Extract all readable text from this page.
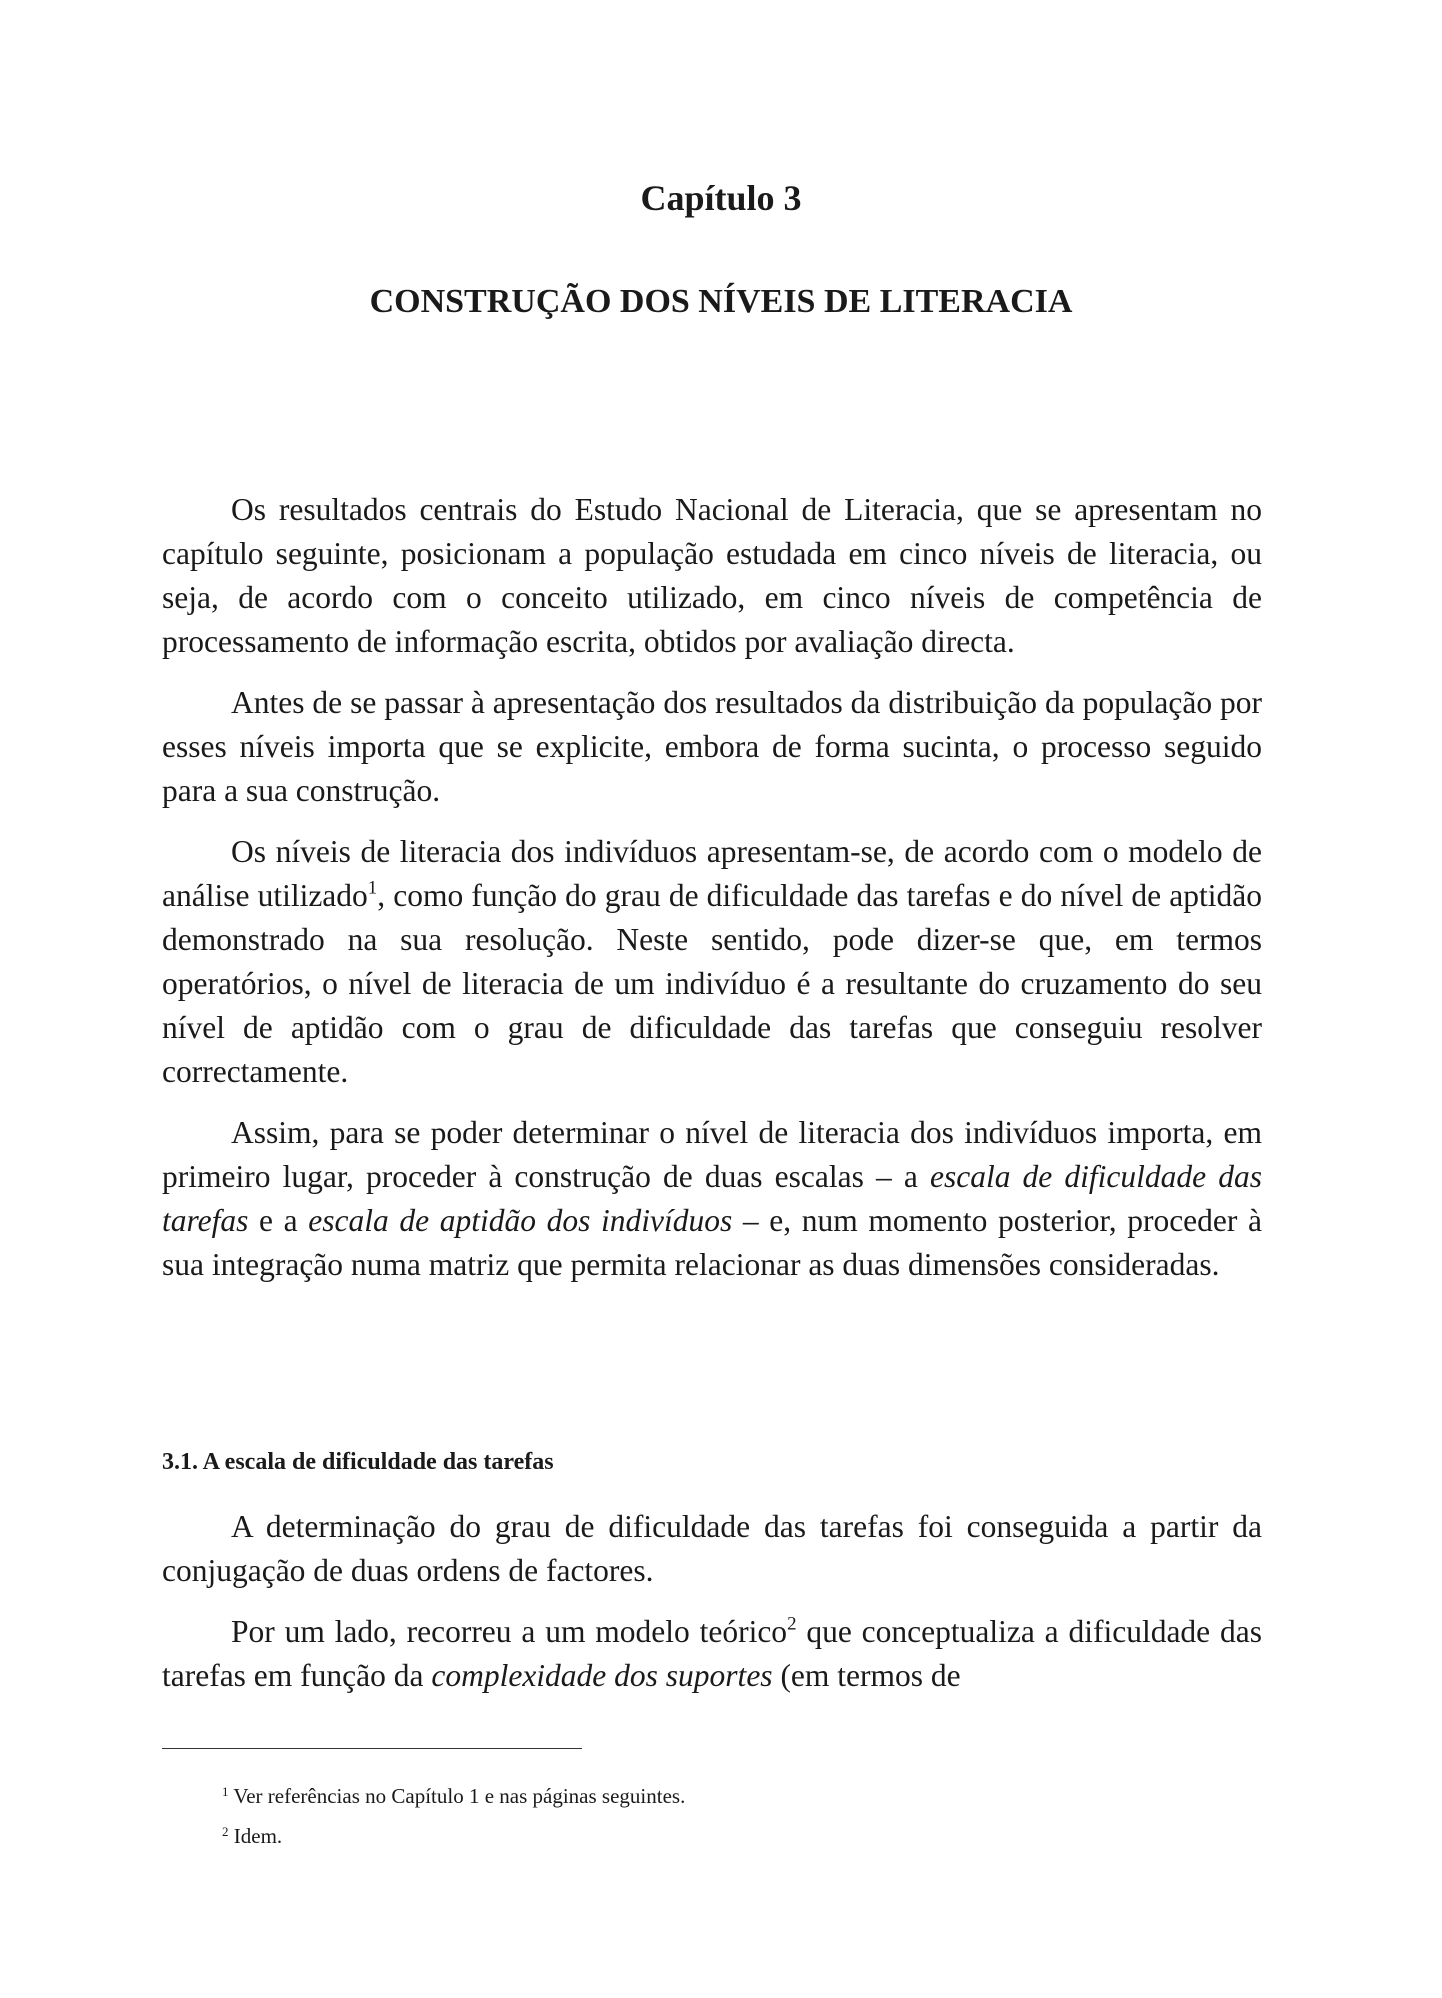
Capítulo 3
CONSTRUÇÃO DOS NÍVEIS DE LITERACIA

Os resultados centrais do Estudo Nacional de Literacia, que se apresentam no capítulo seguinte, posicionam a população estudada em cinco níveis de literacia, ou seja, de acordo com o conceito utilizado, em cinco níveis de competência de processamento de informação escrita, obtidos por avaliação directa.

Antes de se passar à apresentação dos resultados da distribuição da população por esses níveis importa que se explicite, embora de forma sucinta, o processo seguido para a sua construção.

Os níveis de literacia dos indivíduos apresentam-se, de acordo com o modelo de análise utilizado$^1$, como função do grau de dificuldade das tarefas e do nível de aptidão demonstrado na sua resolução. Neste sentido, pode dizer-se que, em termos operatórios, o nível de literacia de um indivíduo é a resultante do cruzamento do seu nível de aptidão com o grau de dificuldade das tarefas que conseguiu resolver correctamente.

Assim, para se poder determinar o nível de literacia dos indivíduos importa, em primeiro lugar, proceder à construção de duas escalas – a escala de dificuldade das tarefas e a escala de aptidão dos indivíduos – e, num momento posterior, proceder à sua integração numa matriz que permita relacionar as duas dimensões consideradas.

3.1. A escala de dificuldade das tarefas

A determinação do grau de dificuldade das tarefas foi conseguida a partir da conjugação de duas ordens de factores.

Por um lado, recorreu a um modelo teórico$^2$ que conceptualiza a dificuldade das tarefas em função da complexidade dos suportes (em termos de

$^1$ Ver referências no Capítulo 1 e nas páginas seguintes.

$^2$ Idem.
